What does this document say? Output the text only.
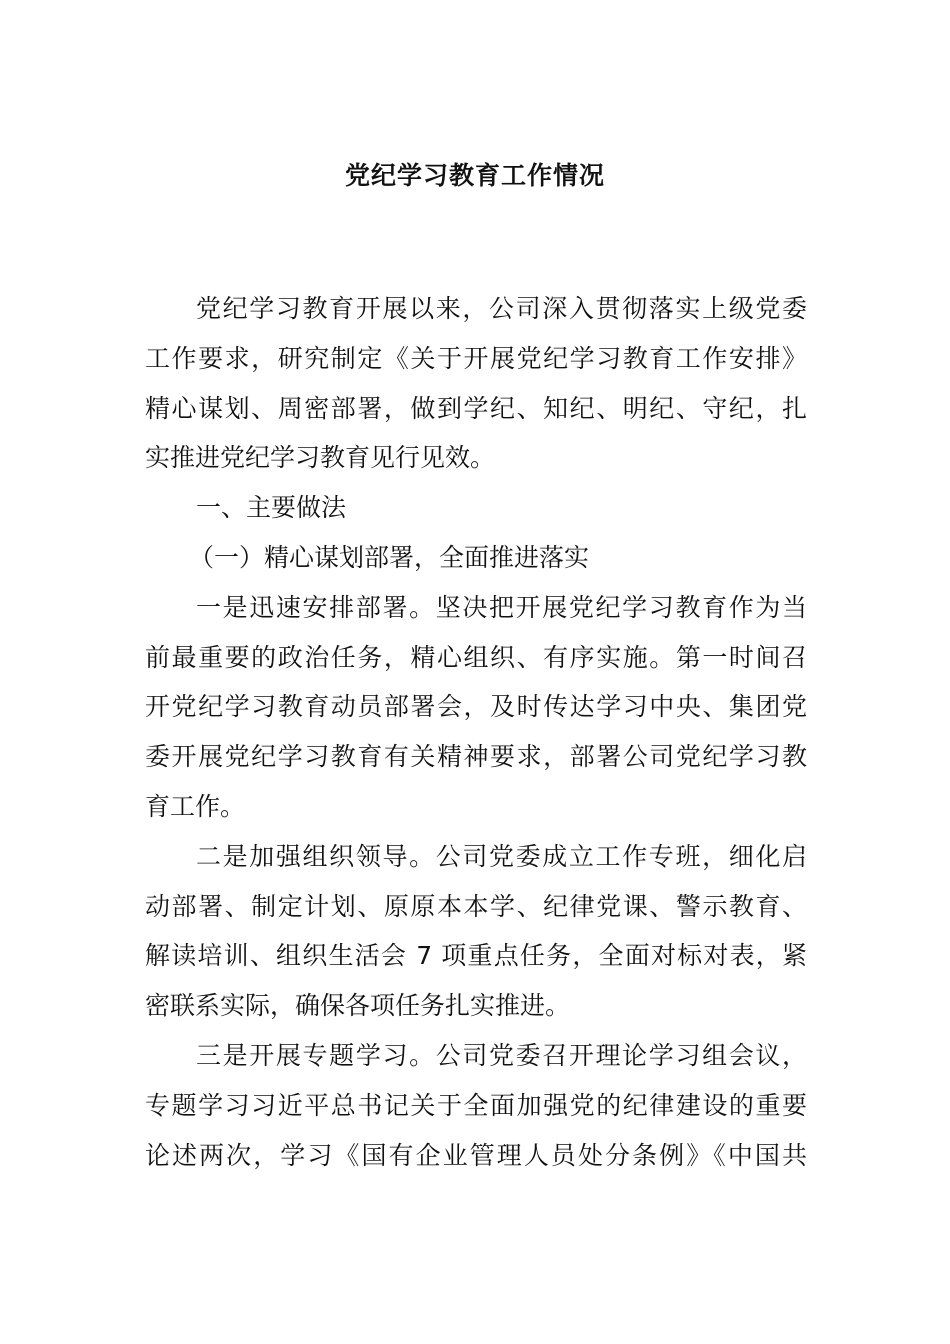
党纪学习教育工作情况
党纪学习教育开展以来，公司深入贯彻落实上级党委
工作要求，研究制定《关于开展党纪学习教育工作安排》
精心谋划、周密部署，做到学纪、知纪、明纪、守纪，扎
实推进党纪学习教育见行见效。
一、主要做法
（一）精心谋划部署，全面推进落实
一是迅速安排部署。坚决把开展党纪学习教育作为当
前最重要的政治任务，精心组织、有序实施。第一时间召
开党纪学习教育动员部署会，及时传达学习中央、集团党
委开展党纪学习教育有关精神要求，部署公司党纪学习教
育工作。
二是加强组织领导。公司党委成立工作专班，细化启
动部署、制定计划、原原本本学、纪律党课、警示教育、
解读培训、组织生活会 7 项重点任务，全面对标对表，紧
密联系实际，确保各项任务扎实推进。
三是开展专题学习。公司党委召开理论学习组会议，
专题学习习近平总书记关于全面加强党的纪律建设的重要
论述两次，学习《国有企业管理人员处分条例》《中国共
